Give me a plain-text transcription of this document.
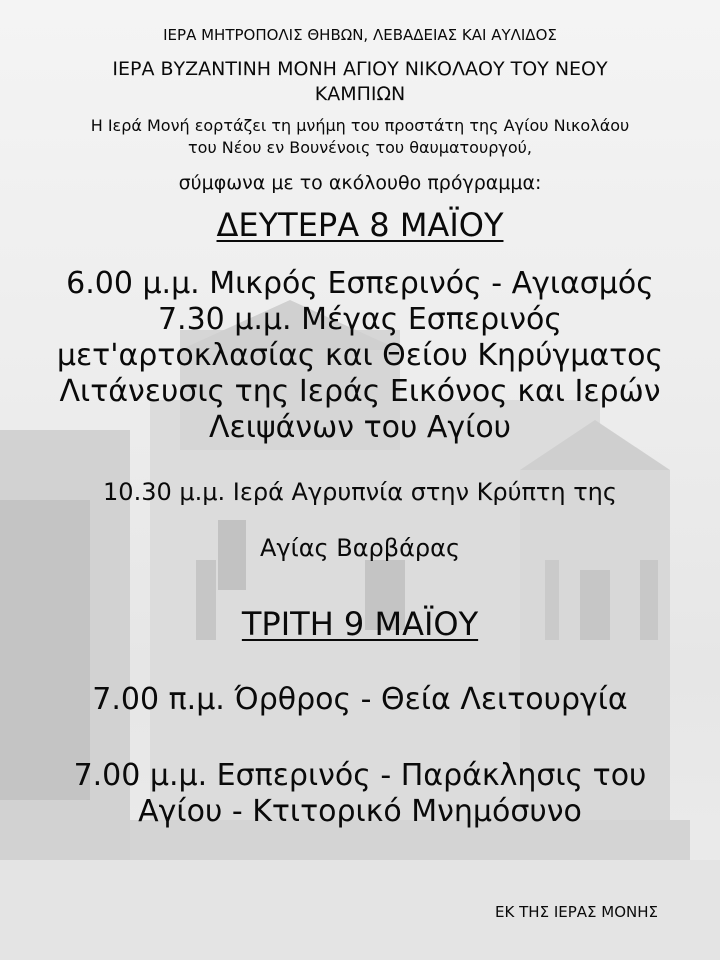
ΙΕΡΑ ΜΗΤΡΟΠΟΛΙΣ ΘΗΒΩΝ, ΛΕΒΑΔΕΙΑΣ ΚΑΙ ΑΥΛΙΔΟΣ
ΙΕΡΑ ΒΥΖΑΝΤΙΝΗ ΜΟΝΗ ΑΓΙΟΥ ΝΙΚΟΛΑΟΥ ΤΟΥ ΝΕΟΥ
ΚΑΜΠΙΩΝ
Η Ιερά Μονή εορτάζει τη μνήμη του προστάτη της Αγίου Νικολάου
του Νέου εν Βουνένοις του θαυματουργού,
σύμφωνα με το ακόλουθο πρόγραμμα:
ΔΕΥΤΕΡΑ 8 ΜΑΪΟΥ
6.00 μ.μ. Μικρός Εσπερινός - Αγιασμός
7.30 μ.μ. Μέγας Εσπερινός
μετ'αρτοκλασίας και Θείου Κηρύγματος
Λιτάνευσις της Ιεράς Εικόνος και Ιερών
Λειψάνων του Αγίου
10.30 μ.μ. Ιερά Αγρυπνία στην Κρύπτη της
Αγίας Βαρβάρας
ΤΡΙΤΗ 9 ΜΑΪΟΥ
7.00 π.μ. Όρθρος - Θεία Λειτουργία
7.00 μ.μ. Εσπερινός - Παράκλησις του
Αγίου - Κτιτορικό Μνημόσυνο
ΕΚ ΤΗΣ ΙΕΡΑΣ ΜΟΝΗΣ
